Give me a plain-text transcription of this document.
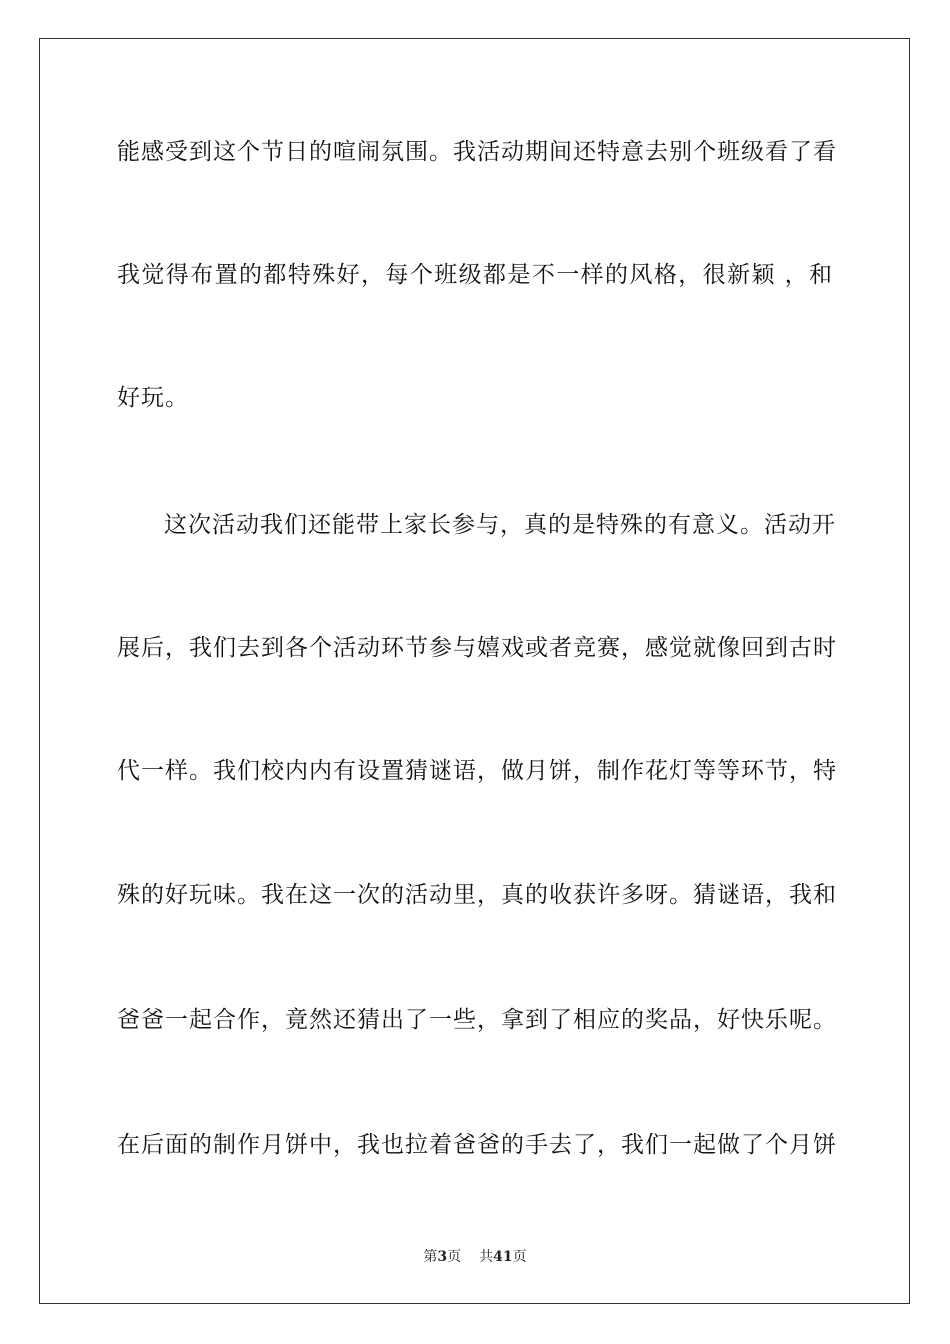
能感受到这个节日的喧闹氛围。我活动期间还特意去别个班级看了看
我觉得布置的都特殊好，每个班级都是不一样的风格，很新颖 ，和
好玩。
这次活动我们还能带上家长参与，真的是特殊的有意义。活动开
展后，我们去到各个活动环节参与嬉戏或者竞赛，感觉就像回到古时
代一样。我们校内内有设置猜谜语，做月饼，制作花灯等等环节，特
殊的好玩味。我在这一次的活动里，真的收获许多呀。猜谜语，我和
爸爸一起合作，竟然还猜出了一些，拿到了相应的奖品，好快乐呢。
在后面的制作月饼中，我也拉着爸爸的手去了，我们一起做了个月饼
第3页 共41页
